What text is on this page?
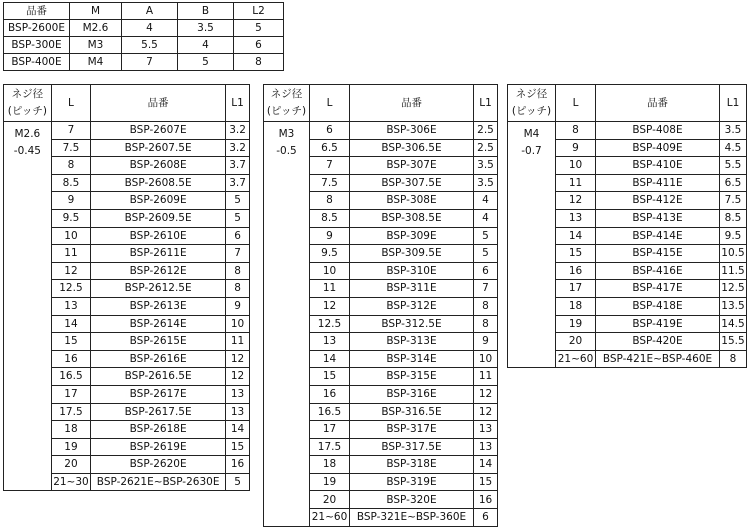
品番	M	A	B	L2
BSP-2600E	M2.6	4	3.5	5
BSP-300E	M3	5.5	4	6
BSP-400E	M4	7	5	8
ネジ径
(ピッチ)	L	品番	L1

M2.6
-0.45	7	BSP-2607E	3.2
	7.5	BSP-2607.5E	3.2
	8	BSP-2608E	3.7
	8.5	BSP-2608.5E	3.7
	9	BSP-2609E	5
	9.5	BSP-2609.5E	5
	10	BSP-2610E	6
	11	BSP-2611E	7
	12	BSP-2612E	8
	12.5	BSP-2612.5E	8
	13	BSP-2613E	9
	14	BSP-2614E	10
	15	BSP-2615E	11
	16	BSP-2616E	12
	16.5	BSP-2616.5E	12
	17	BSP-2617E	13
	17.5	BSP-2617.5E	13
	18	BSP-2618E	14
	19	BSP-2619E	15
	20	BSP-2620E	16
	21~30	BSP-2621E~BSP-2630E	5
ネジ径
(ピッチ)	L	品番	L1

M3
-0.5	6	BSP-306E	2.5
	6.5	BSP-306.5E	2.5
	7	BSP-307E	3.5
	7.5	BSP-307.5E	3.5
	8	BSP-308E	4
	8.5	BSP-308.5E	4
	9	BSP-309E	5
	9.5	BSP-309.5E	5
	10	BSP-310E	6
	11	BSP-311E	7
	12	BSP-312E	8
	12.5	BSP-312.5E	8
	13	BSP-313E	9
	14	BSP-314E	10
	15	BSP-315E	11
	16	BSP-316E	12
	16.5	BSP-316.5E	12
	17	BSP-317E	13
	17.5	BSP-317.5E	13
	18	BSP-318E	14
	19	BSP-319E	15
	20	BSP-320E	16
	21~60	BSP-321E~BSP-360E	6
ネジ径
(ピッチ)	L	品番	L1

M4
-0.7	8	BSP-408E	3.5
	9	BSP-409E	4.5
	10	BSP-410E	5.5
	11	BSP-411E	6.5
	12	BSP-412E	7.5
	13	BSP-413E	8.5
	14	BSP-414E	9.5
	15	BSP-415E	10.5
	16	BSP-416E	11.5
	17	BSP-417E	12.5
	18	BSP-418E	13.5
	19	BSP-419E	14.5
	20	BSP-420E	15.5
	21~60	BSP-421E~BSP-460E	8
